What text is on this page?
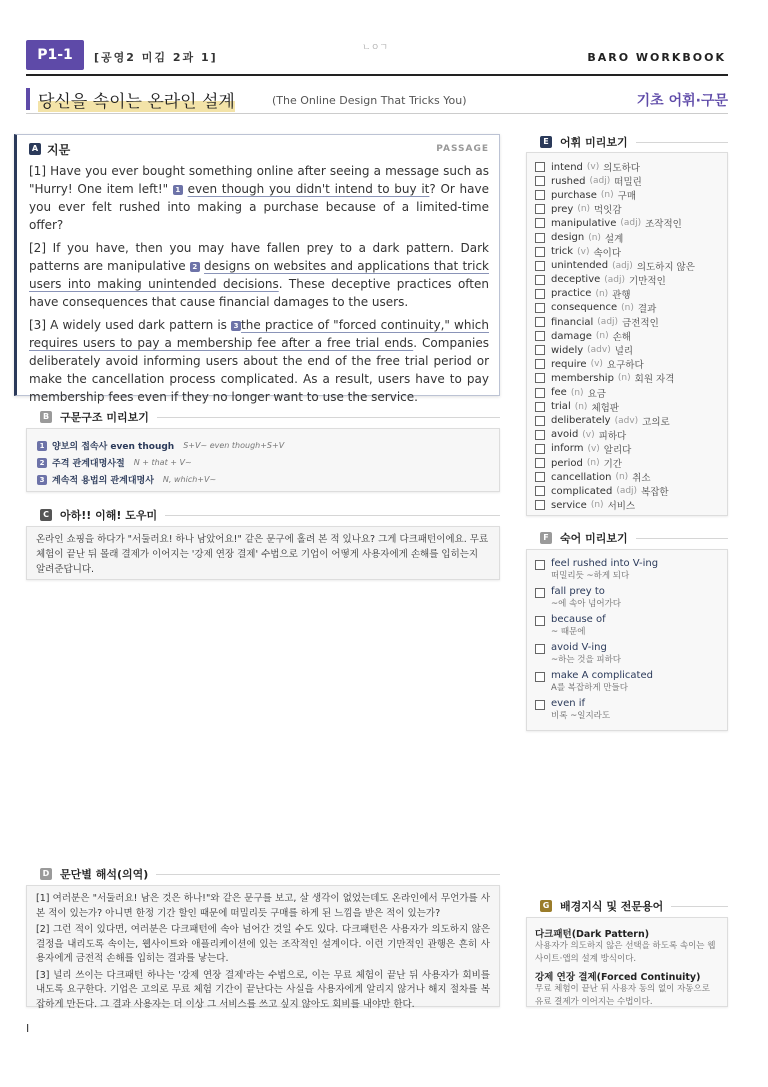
P1-1	[공영2 미김 2과 1]
ㄴㅇㄱ
BARO WORKBOOK
당신을 속이는 온라인 설계	(The Online Design That Tricks You)	기초 어휘·구문
A 지문	PASSAGE

[1] Have you ever bought something online after seeing a message such as "Hurry! One item left!" 1 even though you didn't intend to buy it? Or have you ever felt rushed into making a purchase because of a limited-time offer?

[2] If you have, then you may have fallen prey to a dark pattern. Dark patterns are manipulative 2 designs on websites and applications that trick users into making unintended decisions. These deceptive practices often have consequences that cause financial damages to the users.

[3] A widely used dark pattern is 3 the practice of "forced continuity," which requires users to pay a membership fee after a free trial ends. Companies deliberately avoid informing users about the end of the free trial period or make the cancellation process complicated. As a result, users have to pay membership fees even if they no longer want to use the service.

B 구문구조 미리보기
1 양보의 접속사 even though S+V~ even though+S+V
2 주격 관계대명사절 N + that + V~
3 계속적 용법의 관계대명사 N, which+V~
C 아하!! 이해! 도우미
온라인 쇼핑을 하다가 "서둘러요! 하나 남았어요!" 같은 문구에 홀려 본 적 있나요? 그게 다크패턴이에요. 무료 체험이 끝난 뒤 몰래 결제가 이어지는 '강제 연장 결제' 수법으로 기업이 어떻게 사용자에게 손해를 입히는지 알려준답니다.
D 문단별 해석(의역)

[1] 여러분은 "서둘러요! 남은 것은 하나!"와 같은 문구를 보고, 살 생각이 없었는데도 온라인에서 무언가를 사 본 적이 있는가? 아니면 한정 기간 할인 때문에 떠밀리듯 구매를 하게 된 느낌을 받은 적이 있는가?

[2] 그런 적이 있다면, 여러분은 다크패턴에 속아 넘어간 것일 수도 있다. 다크패턴은 사용자가 의도하지 않은 결정을 내리도록 속이는, 웹사이트와 애플리케이션에 있는 조작적인 설계이다. 이런 기만적인 관행은 흔히 사용자에게 금전적 손해를 입히는 결과를 낳는다.

[3] 널리 쓰이는 다크패턴 하나는 '강제 연장 결제'라는 수법으로, 이는 무료 체험이 끝난 뒤 사용자가 회비를 내도록 요구한다. 기업은 고의로 무료 체험 기간이 끝난다는 사실을 사용자에게 알리지 않거나 해지 절차를 복잡하게 만든다. 그 결과 사용자는 더 이상 그 서비스를 쓰고 싶지 않아도 회비를 내야만 한다.

E 어휘 미리보기
intend (v) 의도하다
rushed (adj) 떠밀린
purchase (n) 구매
prey (n) 먹잇감
manipulative (adj) 조작적인
design (n) 설계
trick (v) 속이다
unintended (adj) 의도하지 않은
deceptive (adj) 기만적인
practice (n) 관행
consequence (n) 결과
financial (adj) 금전적인
damage (n) 손해
widely (adv) 널리
require (v) 요구하다
membership (n) 회원 자격
fee (n) 요금
trial (n) 체험판
deliberately (adv) 고의로
avoid (v) 피하다
inform (v) 알리다
period (n) 기간
cancellation (n) 취소
complicated (adj) 복잡한
service (n) 서비스
F 숙어 미리보기
feel rushed into V-ing
떠밀리듯 ~하게 되다
fall prey to
~에 속아 넘어가다
because of
~ 때문에
avoid V-ing
~하는 것을 피하다
make A complicated
A를 복잡하게 만들다
even if
비록 ~일지라도
G 배경지식 및 전문용어
다크패턴(Dark Pattern)
사용자가 의도하지 않은 선택을 하도록 속이는 웹사이트·앱의 설계 방식이다.
강제 연장 결제(Forced Continuity)
무료 체험이 끝난 뒤 사용자 동의 없이 자동으로 유료 결제가 이어지는 수법이다.
I
